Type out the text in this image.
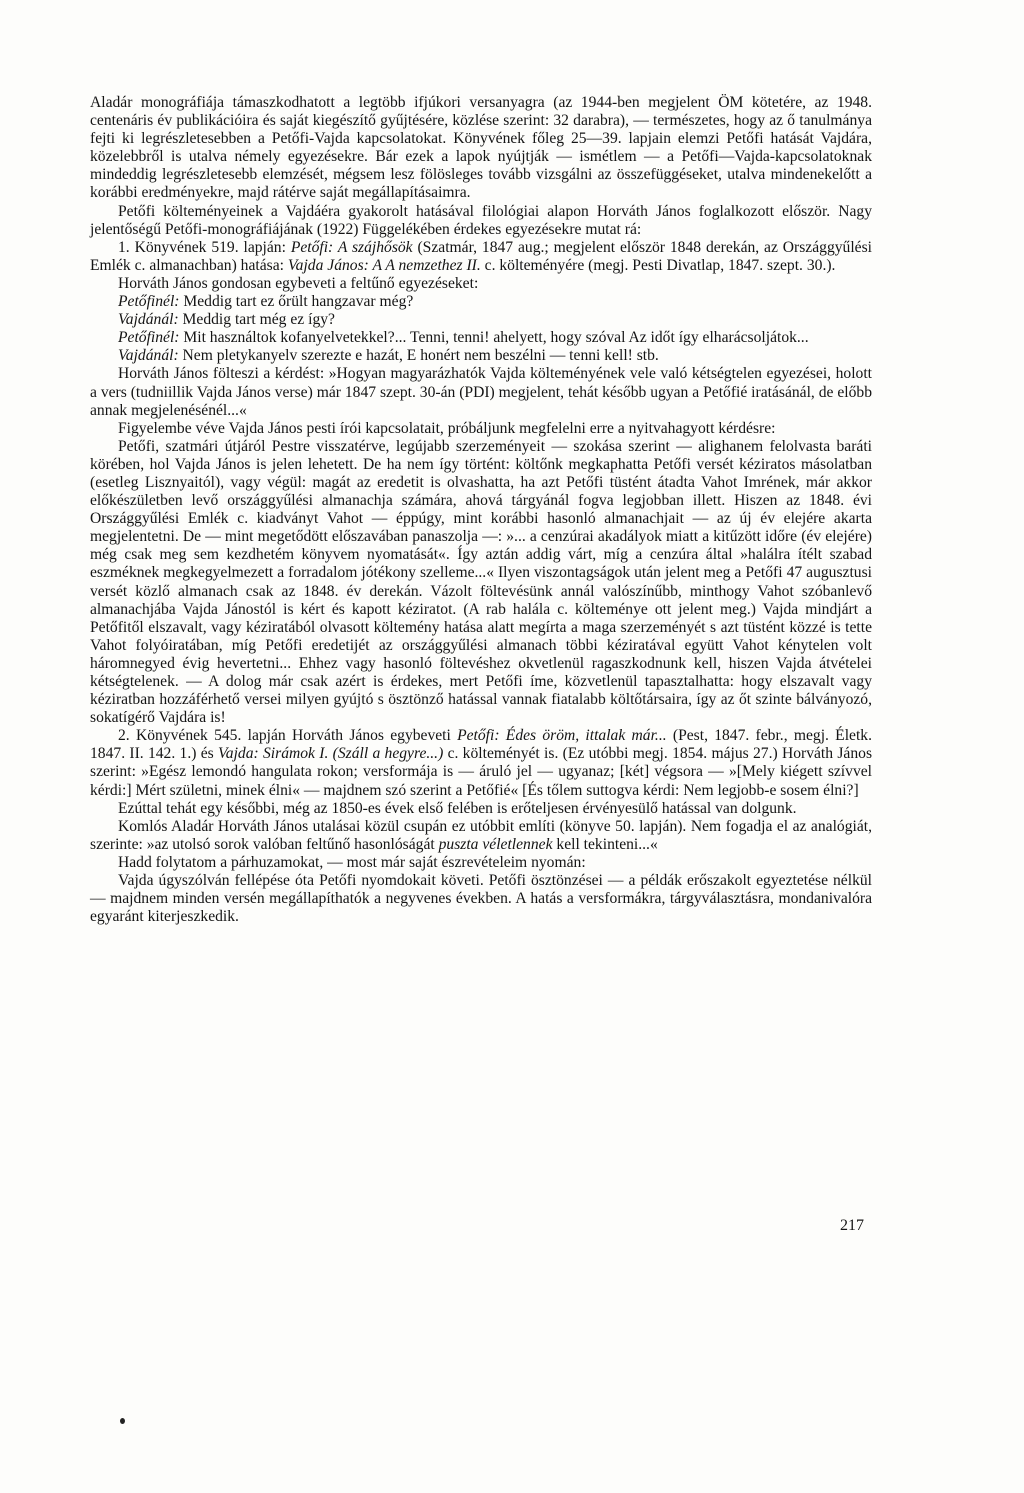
Aladár monográfiája támaszkodhatott a legtöbb ifjúkori versanyagra (az 1944-ben megjelent ÖM kötetére, az 1948. centenáris év publikációira és saját kiegészítő gyűjtésére, közlése szerint: 32 darabra), — természetes, hogy az ő tanulmánya fejti ki legrészletesebben a Petőfi-Vajda kapcsolatokat. Könyvének főleg 25—39. lapjain elemzi Petőfi hatását Vajdára, közelebbről is utalva némely egyezésekre. Bár ezek a lapok nyújtják — ismétlem — a Petőfi—Vajda-kapcsolatoknak mindeddig legrészletesebb elemzését, mégsem lesz fölösleges tovább vizsgálni az összefüggéseket, utalva mindenekelőtt a korábbi eredményekre, majd rátérve saját megállapításaimra.

Petőfi költeményeinek a Vajdáéra gyakorolt hatásával filológiai alapon Horváth János foglalkozott először. Nagy jelentőségű Petőfi-monográfiájának (1922) Függelékében érdekes egyezésekre mutat rá:

1. Könyvének 519. lapján: Petőfi: A szájhősök (Szatmár, 1847 aug.; megjelent először 1848 derekán, az Országgyűlési Emlék c. almanachban) hatása: Vajda János: A A nemzethez II. c. költeményére (megj. Pesti Divatlap, 1847. szept. 30.).

Horváth János gondosan egybeveti a feltűnő egyezéseket:

Petőfinél: Meddig tart ez őrült hangzavar még?

Vajdánál: Meddig tart még ez így?

Petőfinél: Mit használtok kofanyelvetekkel?... Tenni, tenni! ahelyett, hogy szóval Az időt így elharácsoljátok...

Vajdánál: Nem pletykanyelv szerezte e hazát, E honért nem beszélni — tenni kell! stb.

Horváth János fölteszi a kérdést: »Hogyan magyarázhatók Vajda költeményének vele való kétségtelen egyezései, holott a vers (tudniillik Vajda János verse) már 1847 szept. 30-án (PDI) megjelent, tehát később ugyan a Petőfié iratásánál, de előbb annak megjelenésénél...«

Figyelembe véve Vajda János pesti írói kapcsolatait, próbáljunk megfelelni erre a nyitvahagyott kérdésre:

Petőfi, szatmári útjáról Pestre visszatérve, legújabb szerzeményeit — szokása szerint — alighanem felolvasta baráti körében, hol Vajda János is jelen lehetett. De ha nem így történt: költőnk megkaphatta Petőfi versét kéziratos másolatban (esetleg Lisznyaitól), vagy végül: magát az eredetit is olvashatta, ha azt Petőfi tüstént átadta Vahot Imrének, már akkor előkészületben levő országgyűlési almanachja számára, ahová tárgyánál fogva legjobban illett. Hiszen az 1848. évi Országgyűlési Emlék c. kiadványt Vahot — éppúgy, mint korábbi hasonló almanachjait — az új év elejére akarta megjelentetni. De — mint megetődött előszavában panaszolja —: »... a cenzúrai akadályok miatt a kitűzött időre (év elejére) még csak meg sem kezdhetém könyvem nyomatását«. Így aztán addig várt, míg a cenzúra által »halálra ítélt szabad eszméknek megkegyelmezett a forradalom jótékony szelleme...« Ilyen viszontagságok után jelent meg a Petőfi 47 augusztusi versét közlő almanach csak az 1848. év derekán. Vázolt föltevésünk annál valószínűbb, minthogy Vahot szóbanlevő almanachjába Vajda Jánostól is kért és kapott kéziratot. (A rab halála c. költeménye ott jelent meg.) Vajda mindjárt a Petőfitől elszavalt, vagy kéziratából olvasott költemény hatása alatt megírta a maga szerzeményét s azt tüstént közzé is tette Vahot folyóiratában, míg Petőfi eredetijét az országgyűlési almanach többi kéziratával együtt Vahot kénytelen volt háromnegyed évig hevertetni... Ehhez vagy hasonló föltevéshez okvetlenül ragaszkodnunk kell, hiszen Vajda átvételei kétségtelenek. — A dolog már csak azért is érdekes, mert Petőfi íme, közvetlenül tapasztalhatta: hogy elszavalt vagy kéziratban hozzáférhető versei milyen gyújtó s ösztönző hatással vannak fiatalabb költőtársaira, így az őt szinte bálványozó, sokatígérő Vajdára is!

2. Könyvének 545. lapján Horváth János egybeveti Petőfi: Édes öröm, ittalak már... (Pest, 1847. febr., megj. Életk. 1847. II. 142. 1.) és Vajda: Sirámok I. (Száll a hegyre...) c. költeményét is. (Ez utóbbi megj. 1854. május 27.) Horváth János szerint: »Egész lemondó hangulata rokon; versformája is — áruló jel — ugyanaz; [két] végsora — »[Mely kiégett szívvel kérdi:] Mért születni, minek élni« — majdnem szó szerint a Petőfié« [És tőlem suttogva kérdi: Nem legjobb-e sosem élni?]

Ezúttal tehát egy későbbi, még az 1850-es évek első felében is erőteljesen érvényesülő hatással van dolgunk.

Komlós Aladár Horváth János utalásai közül csupán ez utóbbit említi (könyve 50. lapján). Nem fogadja el az analógiát, szerinte: »az utolsó sorok valóban feltűnő hasonlóságát puszta véletlennek kell tekinteni...«

Hadd folytatom a párhuzamokat, — most már saját észrevételeim nyomán:

Vajda úgyszólván fellépése óta Petőfi nyomdokait követi. Petőfi ösztönzései — a példák erőszakolt egyeztetése nélkül — majdnem minden versén megállapíthatók a negyvenes években. A hatás a versformákra, tárgyválasztásra, mondanivalóra egyaránt kiterjeszkedik.

217
